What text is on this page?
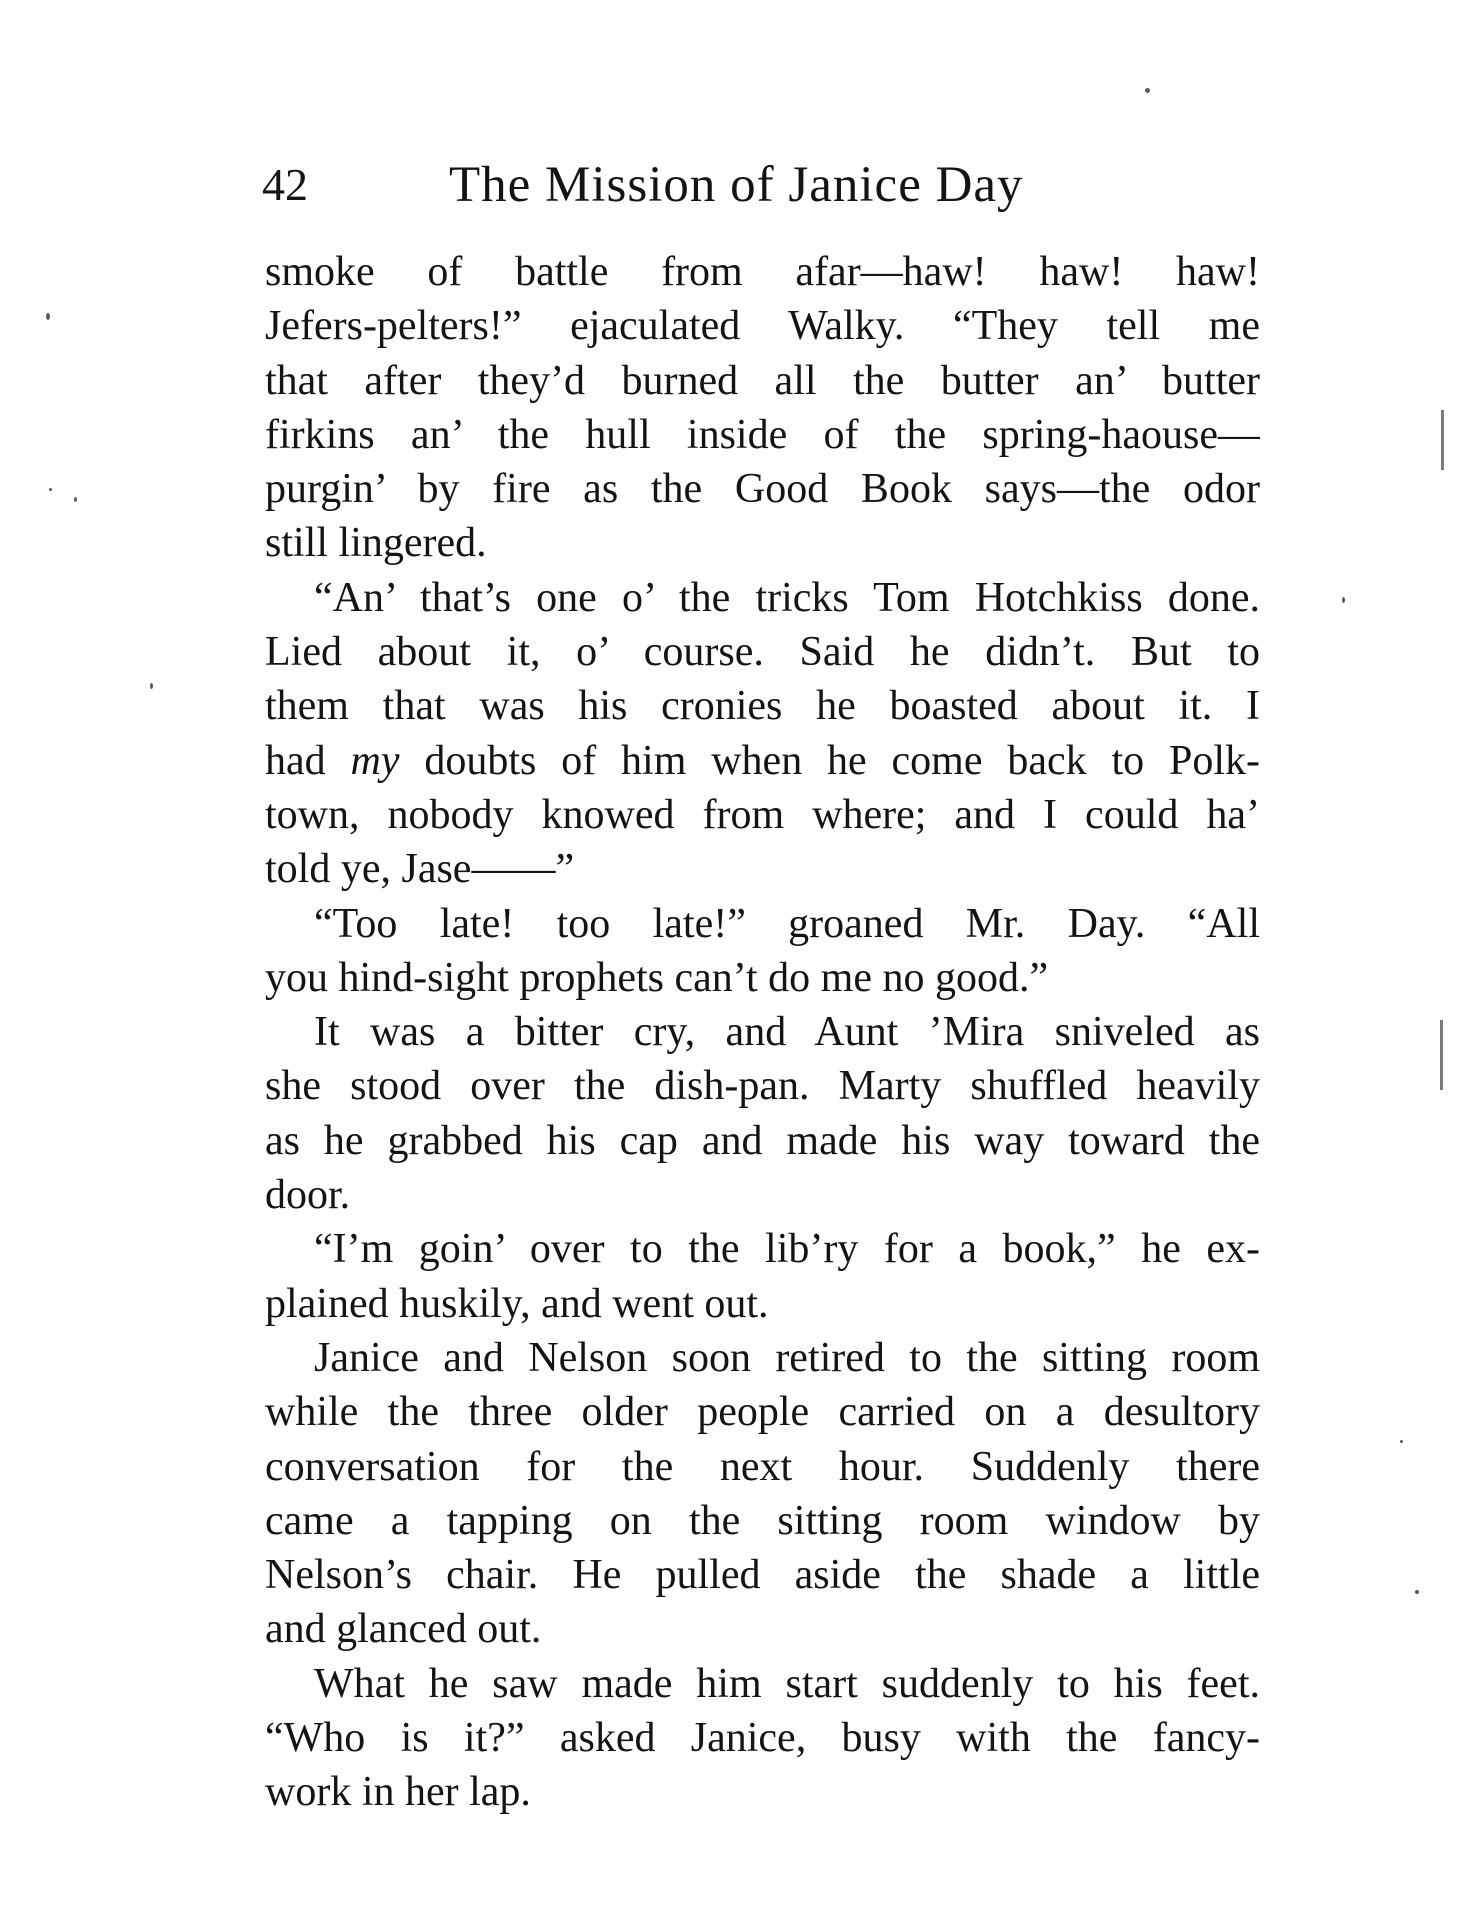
42	The Mission of Janice Day
smoke of battle from afar—haw! haw! haw!
Jefers-pelters!” ejaculated Walky. “They tell me
that after they’d burned all the butter an’ butter
firkins an’ the hull inside of the spring-haouse—
purgin’ by fire as the Good Book says—the odor
still lingered.
“An’ that’s one o’ the tricks Tom Hotchkiss done.
Lied about it, o’ course. Said he didn’t. But to
them that was his cronies he boasted about it. I
had my doubts of him when he come back to Polk-
town, nobody knowed from where; and I could ha’
told ye, Jase——”
“Too late! too late!” groaned Mr. Day. “All
you hind-sight prophets can’t do me no good.”
It was a bitter cry, and Aunt ’Mira sniveled as
she stood over the dish-pan. Marty shuffled heavily
as he grabbed his cap and made his way toward the
door.
“I’m goin’ over to the lib’ry for a book,” he ex-
plained huskily, and went out.
Janice and Nelson soon retired to the sitting room
while the three older people carried on a desultory
conversation for the next hour. Suddenly there
came a tapping on the sitting room window by
Nelson’s chair. He pulled aside the shade a little
and glanced out.
What he saw made him start suddenly to his feet.
“Who is it?” asked Janice, busy with the fancy-
work in her lap.
